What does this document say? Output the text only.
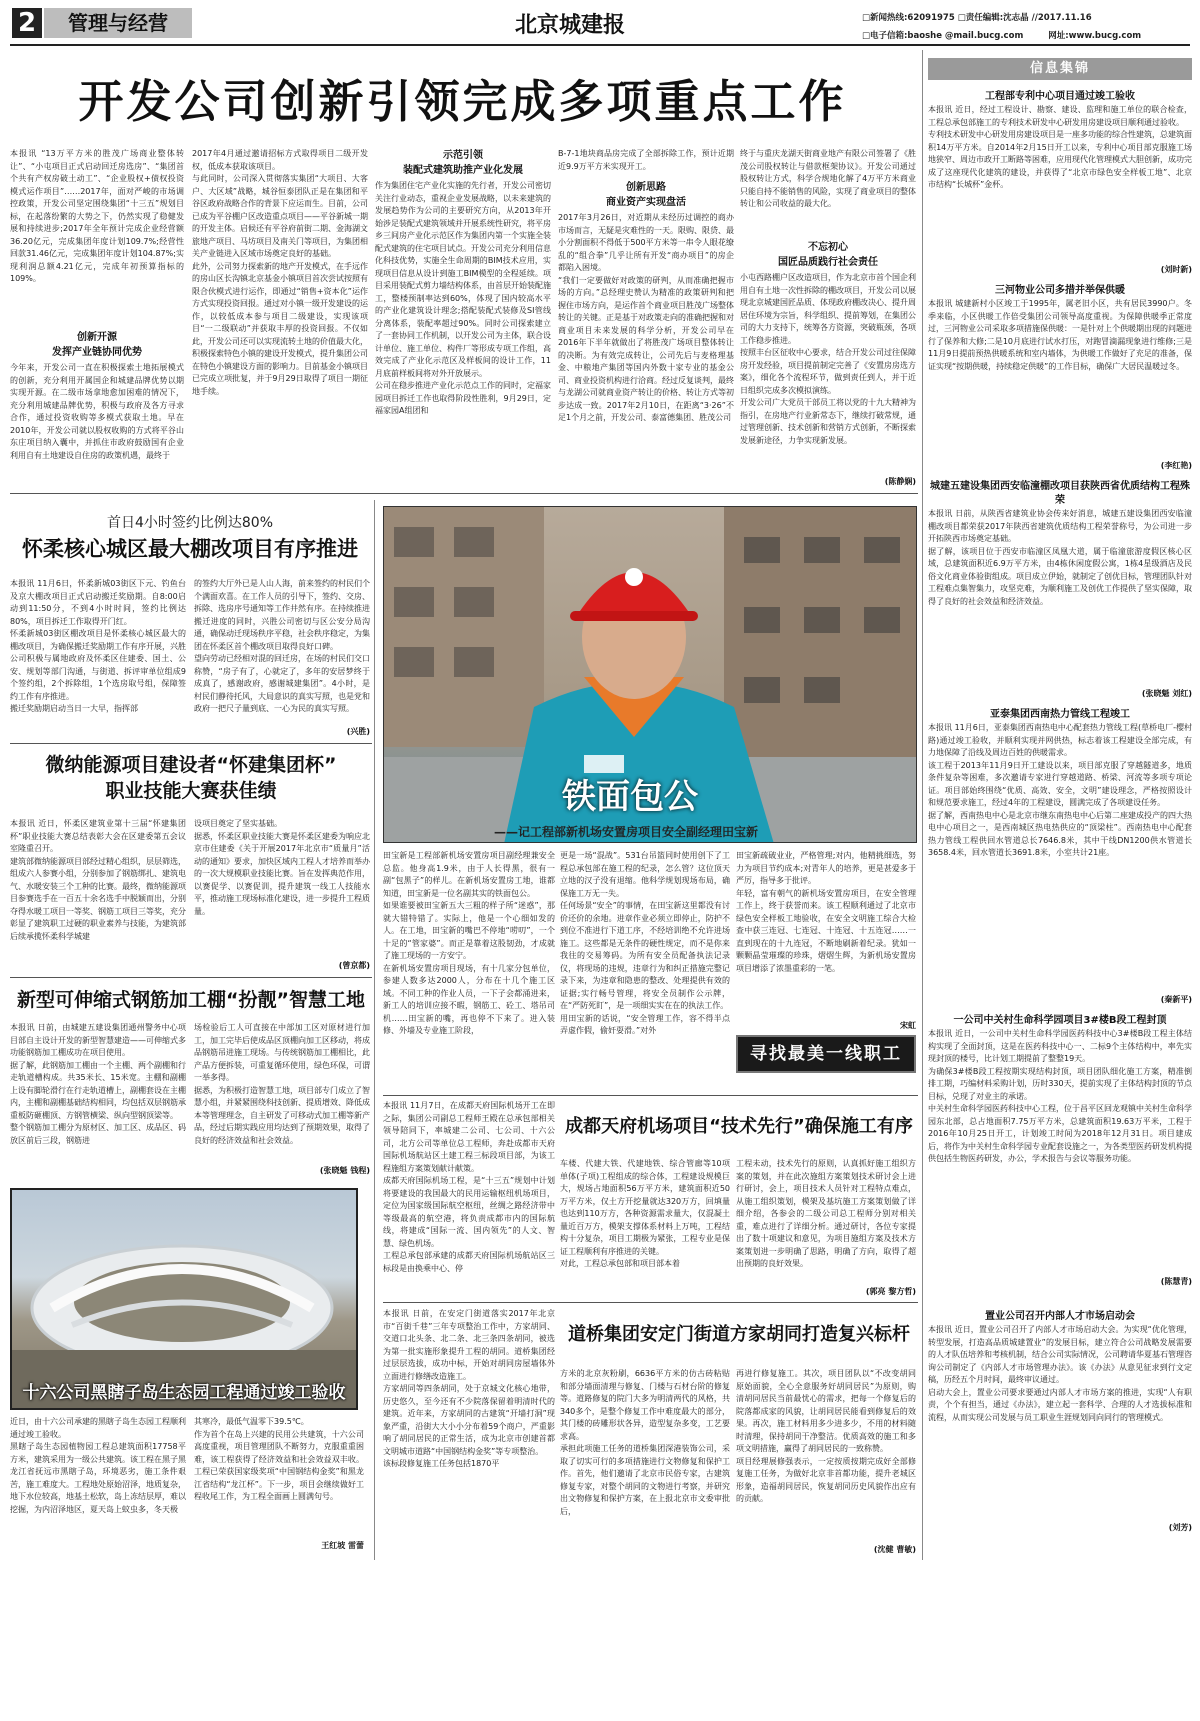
2	管理与经营	北京城建报	□新闻热线:62091975 □责任编辑:沈志晶 //2017.11.16
□电子信箱:baoshe @mail.bucg.com	网址:www.bucg.com
开发公司创新引领完成多项重点工作
本报讯 “13万平方米的胜茂广场商业整体转让”、“小屯项目正式启动回迁房选房”、“集团首个共有产权房破土动工”、“企业股权+债权投资模式运作项目”……2017年，面对严峻的市场调控政策，开发公司坚定围绕集团“十三五”规划目标，在起落纷繁的大势之下，仍然实现了稳健发展和持续进步;2017年全年预计完成企业经营额36.20亿元，完成集团年度计划109.7%;经营性回款31.46亿元，完成集团年度计划104.87%;实现利润总额4.21亿元，完成年初预算指标的109%。
创新开源
发挥产业链协同优势
今年来，开发公司一直在积极探索土地拓展模式的创新，充分利用开属国企和城建品牌优势以期实现开源。在二级市场拿地愈加困难的情况下，充分利用城建品牌优势，积极与政府及各方寻求合作，通过投资收购等多模式获取土地。早在2010年，开发公司就以股权收购的方式将平谷山东庄项目纳入囊中，并抓住市政府鼓励国有企业利用自有土地建设自住房的政策机遇，最终于
2017年4月通过邀请招标方式取得项目二级开发权，低成本获取该项目。
与此同时，公司深入贯彻落实集团“大项目、大客户、大区域”战略，城谷恒泰团队正是在集团和平谷区政府战略合作的背景下应运而生。目前，公司已成为平谷棚户区改造重点项目——平谷新城一期的开发主体。启候还有平谷府前街二期、金海湖文旅地产项目、马坊项目及南关门等项目，为集团相关产业链进入区域市场奠定良好的基础。
此外，公司努力探索新的地产开发模式，在手远作的房山区长沟镇北京基金小镇项目首次尝试按照有限合伙模式进行运作，即通过“销售+资本化”运作方式实现投资回报。通过对小镇一级开发建设的运作，以较低成本参与项目二级建设，实现该项目“一二级联动”并获取丰厚的投资回报。不仅如此，开发公司还可以实现流转土地的价值最大化，积极探索特色小镇的建设开发模式，提升集团公司在特色小镇建设方面的影响力。目前基金小镇项目已完成立项批复，并于9月29日取得了项目一期征地手续。
示范引领
装配式建筑助推产业化发展
作为集团住宅产业化实施的先行者，开发公司密切关注行业动态，重视企业发展战略，以未来建筑的发展趋势作为公司的主要研究方向，从2013年开始涉足装配式建筑领域并开展系统性研究，将平房乡三间房产业化示范区作为集团内第一个实施全装配式建筑的住宅项目试点。开发公司充分利用信息化科技优势，实施全生命周期的BIM技术应用，实现项目信息从设计到施工BIM模型的全程延续。项目采用装配式剪力墙结构体系，由首层开始装配施工，整楼预制率达到60%，体现了国内较高水平的产业化建筑设计理念;搭配装配式装修及SI管线分离体系，装配率超过90%。同时公司探索建立了一套协同工作机制，以开发公司为主体，联合设计单位、施工单位、构件厂等形成专项工作组，高效完成了产业化示范区及样板间的设计工作，11月底前样板间将对外开放展示。
公司在稳步推进产业化示范点工作的同时，定福家园项目拆迁工作也取得阶段性胜利，9月29日，定福家园A组团和
B-7-1地块商品房完成了全部拆除工作，预计近期近9.9万平方米实现开工。
创新思路
商业资产实现盘活
2017年3月26日，对近期从未经历过调控的商办市场而言，无疑是灾难性的一天。限购、限贷、最小分割面积不得低于500平方米等一串令人眼花缭乱的“组合拳”几乎让所有开发“商办项目”的房企都陷入困境。
“我们一定要做好对政策的研判，从而准确把握市场的方向。”总经理史赞认为精准的政策研判和把握住市场方向，是运作首个商业项目胜茂广场整体转让的关键。正是基于对政策走向的准确把握和对商业项目未来发展的科学分析，开发公司早在2016年下半年就做出了将胜茂广场项目整体转让的决断。为有效完成转让，公司先后与麦格理基金、中粮地产集团等国内外数十家专业的基金公司、商业投资机构进行洽商。经过反复谈判，最终与龙湖公司就商业资产转让的价格、转让方式等初步达成一致。2017年2月10日，在距离“3·26”不足1个月之前，开发公司、泰富德集团、胜茂公司
终于与重庆龙湖天街商业地产有限公司签署了《胜茂公司股权转让与借款框架协议》。开发公司通过股权转让方式，科学合规地化解了4万平方米商业只能自持不能销售的风险，实现了商业项目的整体转让和公司收益的最大化。
不忘初心
国匠品质践行社会责任
小屯西路棚户区改造项目，作为北京市首个国企利用自有土地一次性拆除的棚改项目，开发公司以展现北京城建国匠品质、体现政府棚改决心、提升周居住环境为宗旨，科学组织、提前筹划，在集团公司的大力支持下，统筹各方资源，突破瓶颈，各项工作稳步推进。
按照丰台区征收中心要求，结合开发公司过往保障房开发经验，项目提前制定完善了《安置房房选方案》，细化各个流程环节，做到责任到人，并于近日组织完成多次模拟演练。
开发公司广大党员干部员工将以党的十九大精神为指引，在房地产行业新常态下，继续打破常规，通过管理创新、技术创新和营销方式创新，不断探索发展新途径，力争实现新发展。
(陈静娴)
首日4小时签约比例达80%
怀柔核心城区最大棚改项目有序推进
本报讯 11月6日，怀柔新城03街区下元、钓鱼台及京大棚改项目正式启动搬迁奖励期。自8:00启动到11:50分，不到4小时时间，签约比例达80%，项目拆迁工作取得开门红。
怀柔新城03街区棚改项目是怀柔核心城区最大的棚改项目，为确保搬迁奖励期工作有序开展，兴胜公司积极与属地政府及怀柔区住建委、国土、公安、规划等部门沟通，与街道、拆评审单位组成9个签约组，2个拆除组，1个选房取号组，保障签约工作有序推进。
搬迁奖励期启动当日一大早，指挥部
的签约大厅外已是人山人海，前来签约的村民们个个满面欢喜。在工作人员的引导下，签约、交房、拆除、选房序号通知等工作井然有序。在持续推进搬迁进度的同时，兴胜公司密切与区公安分局沟通，确保动迁现场秩序平稳，社会秩序稳定，为集团在怀柔区首个棚改项目取得良好口碑。
望向劳动已经相对混的回迁房，在场的村民们交口称赞，“房子有了，心就定了，多年的安居梦终于成真了，感谢政府，感谢城建集团”。4小时，是村民们静待托风，大局意识的真实写照，也是党和政府一把尺子量到底、一心为民的真实写照。
(兴胜)
微纳能源项目建设者“怀建集团杯”
职业技能大赛获佳绩
本报讯 近日，怀柔区建筑业第十三届“怀建集团杯”职业技能大赛总结表彰大会在区建委第五会议室隆重召开。
建筑部微纳能源项目部经过精心组织，层层筛选，组成六人参赛小组，分别参加了钢筋绑扎、建筑电气、水暖安装三个工种的比赛。最终，微纳能源项目参赛选手在一百五十余名选手中脱颖而出，分别夺得水暖工项目一等奖、钢筋工项目三等奖，充分彰显了建筑职工过硬的职业素养与技能，为建筑部后续承揽怀柔科学城建
设项目奠定了坚实基础。
据悉，怀柔区职业技能大赛是怀柔区建委为响应北京市住建委《关于开展2017年北京市“质量月”活动的通知》要求，加快区域内工程人才培养而举办的一次大规模职业技能比赛。旨在发挥典范作用，以赛促学、以赛促训，提升建筑一线工人技能水平，推动施工现场标准化建设，进一步提升工程质量。
(曾京都)
新型可伸缩式钢筋加工棚“扮靓”智慧工地
本报讯 日前，由城建五建设集团通州警务中心项目部自主设计开发的新型智慧建造——可伸缩式多功能钢筋加工棚成功在项目使用。
据了解，此钢筋加工棚由一个主棚、两个副棚和行走轨道槽构成。共35米长、15米宽。主棚和副棚上设有脚轮滑行在行走轨道槽上，副棚套设在主棚内，主棚和副棚基础结构相同，均包括双层钢筋承重板防砸棚顶、方钢管横梁、纵向型钢顶梁等。
整个钢筋加工棚分为原材区、加工区、成品区、码放区前后三段，钢筋进
场检验后工人可直接在中部加工区对原材进行加工，加工完毕后使成品区顶棚向加工区移动，将成品钢筋吊进施工现场。与传统钢筋加工棚相比，此产品方便拆装，可重复循环使用，绿色环保，可谓一举多得。
据悉，为积极打造智慧工地，项目部专门成立了智慧小组，并紧紧围绕科技创新、提质增效、降低成本等管理理念，自主研发了可移动式加工棚等新产品，经过后期实践应用均达到了预期效果，取得了良好的经济效益和社会效益。
(张晓魁 钱程)
十六公司黑瞎子岛生态园工程通过竣工验收
近日，由十六公司承建的黑瞎子岛生态园工程顺利通过竣工验收。
黑瞎子岛生态园植物园工程总建筑面积17758平方米，建筑采用为一级公共建筑。该工程在黑子黑龙江省抚远市黑瞎子岛，环境恶劣，施工条件艰苦，施工难度大。工程地处原始沼泽，地质复杂，地下水位较高，地基土松软，岛上冻结层厚，难以挖掘，为内沼泽地区，夏天岛上蚊虫多，冬天极
其寒冷，最低气温零下39.5℃。
作为首个在岛上兴建的民用公共建筑，十六公司高度重视，项目管理团队不断努力，克服重重困难，该工程获得了经济效益和社会效益双丰收。工程已荣获国家级奖项“中国钢结构金奖”和黑龙江省结构“龙江杯”。下一步，项目会继续做好工程收尾工作，为工程全面画上圆满句号。
王红坡 雷蕾
铁面包公
——记工程部新机场安置房项目安全副经理田宝新
田宝新是工程部新机场安置房项目副经理兼安全总监。他身高1.9米，由于人长得黑，很有一副“包黑子”的样儿。在新机场安置房工地，谁都知道，田宝新是一位名副其实的铁面包公。
如果谁要被田宝新五大三粗的样子所“迷惑”，那就大错特错了。实际上，他是一个心细如发的人。在工地，田宝新的嘴巴不停地“唠叨”，一个十足的“管家婆”。而正是靠着这股韧劲，才成就了施工现场的一方安宁。
在新机场安置房项目现场，有十几家分包单位，参建人数多达2000人，分布在十几个施工区域。不同工种的作业人员，一下子会都涌进来，新工人的培训应接不暇，钢筋工、砼工、塔吊司机……田宝新的嘴，再也停不下来了。进入装修、外墙及专业施工阶段，
更是一场“混战”。531台吊篮同时使用创下了工程总承包部在施工程的纪录，怎么管？这位顶天立地的汉子没有退缩。他科学规划现场布局，确保施工万无一失。
任何场景“安全”的事情，在田宝新这里都没有讨价还价的余地。进章作业必须立即停止，防护不到位不准进行下道工序，不经培训绝不允许进场施工。这些都是无条件的硬性规定，而不是你来我往的交易筹码。为所有安全员配备执法记录仪，将现场的违规，违章行为和纠正措施完整记录下来，为违章和隐患的整改、处理提供有效的证据;实行畅号管理，将安全员制作公示牌，在“严防死盯”，是一项细实实在在的执法工作。
用田宝新的话说，“安全管理工作，容不得半点弄虚作假，偷奸耍滑。”对外
田宝新疏破业业，严格管理;对内，他精挑细选，努力为项目节约成本;对青年人的培养，更是甚爱多于严厉，指导多于批评。
年轻，富有朝气的新机场安置房项目，在安全管理工作上，终于获誉而来。该工程顺利通过了北京市绿色安全样板工地验收，在安全文明施工综合大检查中获三连冠、七连冠、十连冠、十五连冠……一直到现在的十九连冠，不断地刷新着纪录。犹如一颗颗晶莹璀璨的珍珠，熠熠生辉，为新机场安置房项目增添了浓墨重彩的一笔。
宋虹
寻找最美一线职工
本报讯 11月7日，在成都天府国际机场开工在即之际，集团公司副总工程师王殿在总承包部相关领导陪同下，率城建二公司、七公司、十六公司，北方公司等单位总工程师，奔赴成都市天府国际机场航站区土建工程三标段项目部，为该工程施组方案策划献计献策。
成都天府国际机场工程，是“十三五”规划中计划将要建设的我国最大的民用运输枢纽机场项目，定位为国家级国际航空枢纽，丝绸之路经济带中等级最高的航空港，将负责成都市内的国际航线，将建成“国际一流、国内领先”的人文、智慧、绿色机场。
工程总承包部承建的成都天府国际机场航站区三标段是由换乘中心、停
成都天府机场项目“技术先行”确保施工有序
车楼、代建大铁、代建地铁、综合管廊等10项单体(子项)工程组成的综合体，工程建设规模巨大，规场占地面积56万平方米，建筑面积近50万平方米，仅土方开挖量就达320万方，回填量也达到110万方，各种资源需求量大，仅混凝土量近百万方，模架支撑体系材料上万吨，工程结构十分复杂，项目工期极为紧张，工程专业是保证工程顺利有序推进的关键。
对此，工程总承包部和项目部本着
工程未动，技术先行的原则，认真抓好施工组织方案的策划，并在此次施组方案策划技术研讨会上进行研讨，会上，项目技术人员针对工程特点难点，从施工组织策划，模架及基坑施工方案策划做了详细介绍，各参会的二级公司总工程师分别对相关重，难点进行了详细分析。通过研讨，各位专家提出了数十项建议和意见，为项目施组方案及技术方案策划进一步明确了思路，明确了方向，取得了超出预期的良好效果。
(郭亮 黎方哲)
本报讯 日前，在安定门街道落实2017年北京市“百街千巷”三年专项整治工作中，方家胡同、交道口北头条、北二条、北三条四条胡同，被选为第一批实施形象提升工程的胡同。道桥集团经过层层选拔，成功中标，开始对胡同房屋墙体外立面进行修缮改造施工。
方家胡同等四条胡同，处于京城文化核心地带，历史悠久，至今还有不少院落保留着明清时代的建筑。近年来，方家胡同的古建筑“开墙打洞”现象严重，沿街大大小小分布着59个商户，严重影响了胡同居民的正常生活，成为北京市创建首都文明城市道路“中国钢结构金奖”等专项整治。
该标段修复施工任务包括1870平
道桥集团安定门街道方家胡同打造复兴标杆
方米的北京灰粉刷，6636平方米的仿古砖粘贴和部分墙面清理与修复、门楼与石材台阶的修复等。道路修复的院门大多为明清两代的风格，共340多个，是整个修复工作中难度最大的部分，其门楼的砖雕形状各异，造型复杂多变，工艺要求高。
承担此项施工任务的道桥集团深港装饰公司，采取了切实可行的多项措施进行文物修复和保护工作。首先，他们邀请了北京市民俗专家，古建筑修复专家，对整个胡同的文物进行考察，并研究出文物修复和保护方案，在上报北京市文委审批后，
再进行修复施工。其次，项目团队以“不改变胡同原始面貌，全心全意服务好胡同居民”为原则，购清胡同居民当前最忧心的需求，把每一个修复后的院落都成家的风貌，让胡同居民能看到修复后的效果。再次，施工材料用多少进多少，不用的材料随时清理，保持胡同干净整洁。优质高效的施工和多项文明措施，赢得了胡同居民的一致称赞。
项目经理展修强表示，一定按质按期完成好全部修复施工任务，为做好北京非首都功能，提升老城区形象，造福胡同居民，恢复胡同历史风貌作出应有的贡献。
(沈健 曹敏)
信息集锦
工程部专利中心项目通过竣工验收
本报讯 近日，经过工程设计、勘察、建设、监理和施工单位的联合检查，工程总承包部施工的专利技术研发中心研发用房建设项目顺利通过验收。
专利技术研发中心研发用房建设项目是一座多功能的综合性建筑，总建筑面积14万平方米。自2014年2月15日开工以来，专利中心项目部克服施工场地狭窄、周边市政开工断路等困难，应用现代化管理模式大胆创新，成功完成了这座现代化建筑的建设，并获得了“北京市绿色安全样板工地”、北京市结构“长城杯”金杯。
(刘时新)
三河物业公司多措并举保供暖
本报讯 城建新村小区竣工于1995年，属老旧小区，共有居民3990户。冬季来临，小区供暖工作倍受集团公司领导高度重视。为保障供暖季正常度过，三河物业公司采取多项措施保供暖：一是针对上个供暖期出现的问题进行了保养和大修;二是10月底进行试水打压，对跑冒滴漏现象进行维修;三是11月9日提前预热供暖系统和室内墙体，为供暖工作做好了充足的准备，保证实现“按期供暖，持续稳定供暖”的工作目标，确保广大居民温暖过冬。
(李红艳)
城建五建设集团西安临潼棚改项目获陕西省优质结构工程殊荣
本报讯 日前，从陕西省建筑业协会传来好消息，城建五建设集团西安临潼棚改项目都荣获2017年陕西省建筑优质结构工程荣誉称号，为公司进一步开拓陕西市场奠定基础。
据了解，该项目位于西安市临潼区凤凰大道，属于临潼旅游度假区核心区域，总建筑面积近6.9万平方米，由4栋休闲度假公寓，1栋4星级酒店及民俗文化商业体验街组成。项目成立伊始，就制定了创优目标，管理团队针对工程难点集智集力，攻坚克难，为顺利施工及创优工作提供了坚实保障，取得了良好的社会效益和经济效益。
(张晓魁 刘红)
亚泰集团西南热力管线工程竣工
本报讯 11月6日，亚泰集团西南热电中心配套热力管线工程(草桥电厂-樱村路)通过竣工验收，并顺利实现并网供热，标志着该工程建设全部完成，有力地保障了沿线及周边百姓的供暖需求。
该工程于2013年11月9日开工建设以来，项目部克服了穿越隧道多，地质条件复杂等困难，多次邀请专家进行穿越道路、桥梁、河流等多项专项论证。项目部始终围绕“优质、高效、安全，文明”建设理念，严格按照设计和规范要求施工，经过4年的工程建设，圆满完成了各项建设任务。
据了解，西南热电中心是北京市继东南热电中心后第二座建成投产的四大热电中心项目之一，是西南城区热电热供应的“顶梁柱”。西南热电中心配套热力管线工程供回水管道总长7646.8米，其中干线DN1200供水管道长3658.4米，回水管道长3691.8米，小室共计21座。
(秦新平)
一公司中关村生命科学园项目3#楼B段工程封顶
本报讯 近日，一公司中关村生命科学园医药科技中心3#楼B段工程主体结构实现了全面封顶，这是在医药科技中心一、二标9个主体结构中，率先实现封顶的楼号，比计划工期提前了整整19天。
为确保3#楼B段工程按期实现结构封顶，项目团队细化施工方案，精准倒排工期，巧编材料采购计划，历时330天，提前实现了主体结构封顶的节点目标，兑现了对业主的承诺。
中关村生命科学园医药科技中心工程，位于昌平区回龙观镇中关村生命科学园东北部，总占地面积7.75万平方米，总建筑面积19.63万平米，工程于2016年10月25日开工，计划竣工时间为2018年12月31日。项目建成后，将作为中关村生命科学园专业配套设施之一，为各类型医药研发机构提供包括生物医药研发，办公，学术报告与会议等服务功能。
(陈慧青)
置业公司召开内部人才市场启动会
本报讯 近日，置业公司召开了内部人才市场启动大会。为实现“优化管理，转型发展，打造高品质城建置业”的发展目标，建立符合公司战略发展需要的人才队伍培养和考核机制，结合公司实际情况，公司聘请华夏基石管理咨询公司制定了《内部人才市场管理办法》。该《办法》从意见征求到行文定稿，历经五个月时间，最终审议通过。
启动大会上，置业公司要求要通过内部人才市场方案的推进，实现“人有职责，个个有担当，通过《办法》，建立起一套科学、合理的人才选拔标准和流程，从而实现公司发展与员工职业生涯规划同向同行的管理模式。
(刘芳)
